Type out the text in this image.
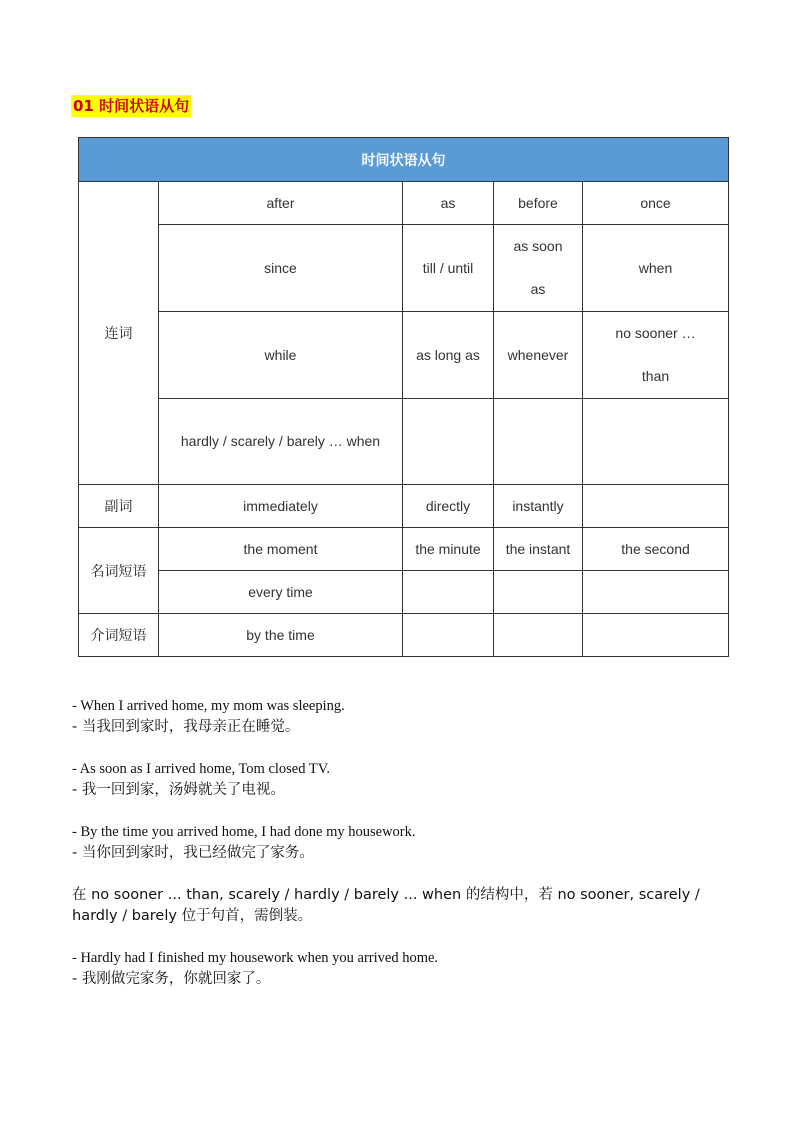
01 时间状语从句
时间状语从句				
连词	after	as	before	once
	since	till / until	as soon as	when
	while	as long as	whenever	no sooner … than
	hardly / scarely / barely … when			
副词	immediately	directly	instantly	
名词短语	the moment	the minute	the instant	the second
	every time			
介词短语	by the time			
- When I arrived home, my mom was sleeping.
- 当我回到家时，我母亲正在睡觉。
- As soon as I arrived home, Tom closed TV.
- 我一回到家，汤姆就关了电视。
- By the time you arrived home, I had done my housework.
- 当你回到家时，我已经做完了家务。
在 no sooner ... than, scarely / hardly / barely ... when 的结构中，若 no sooner, scarely / hardly / barely 位于句首，需倒装。
- Hardly had I finished my housework when you arrived home.
- 我刚做完家务，你就回家了。
